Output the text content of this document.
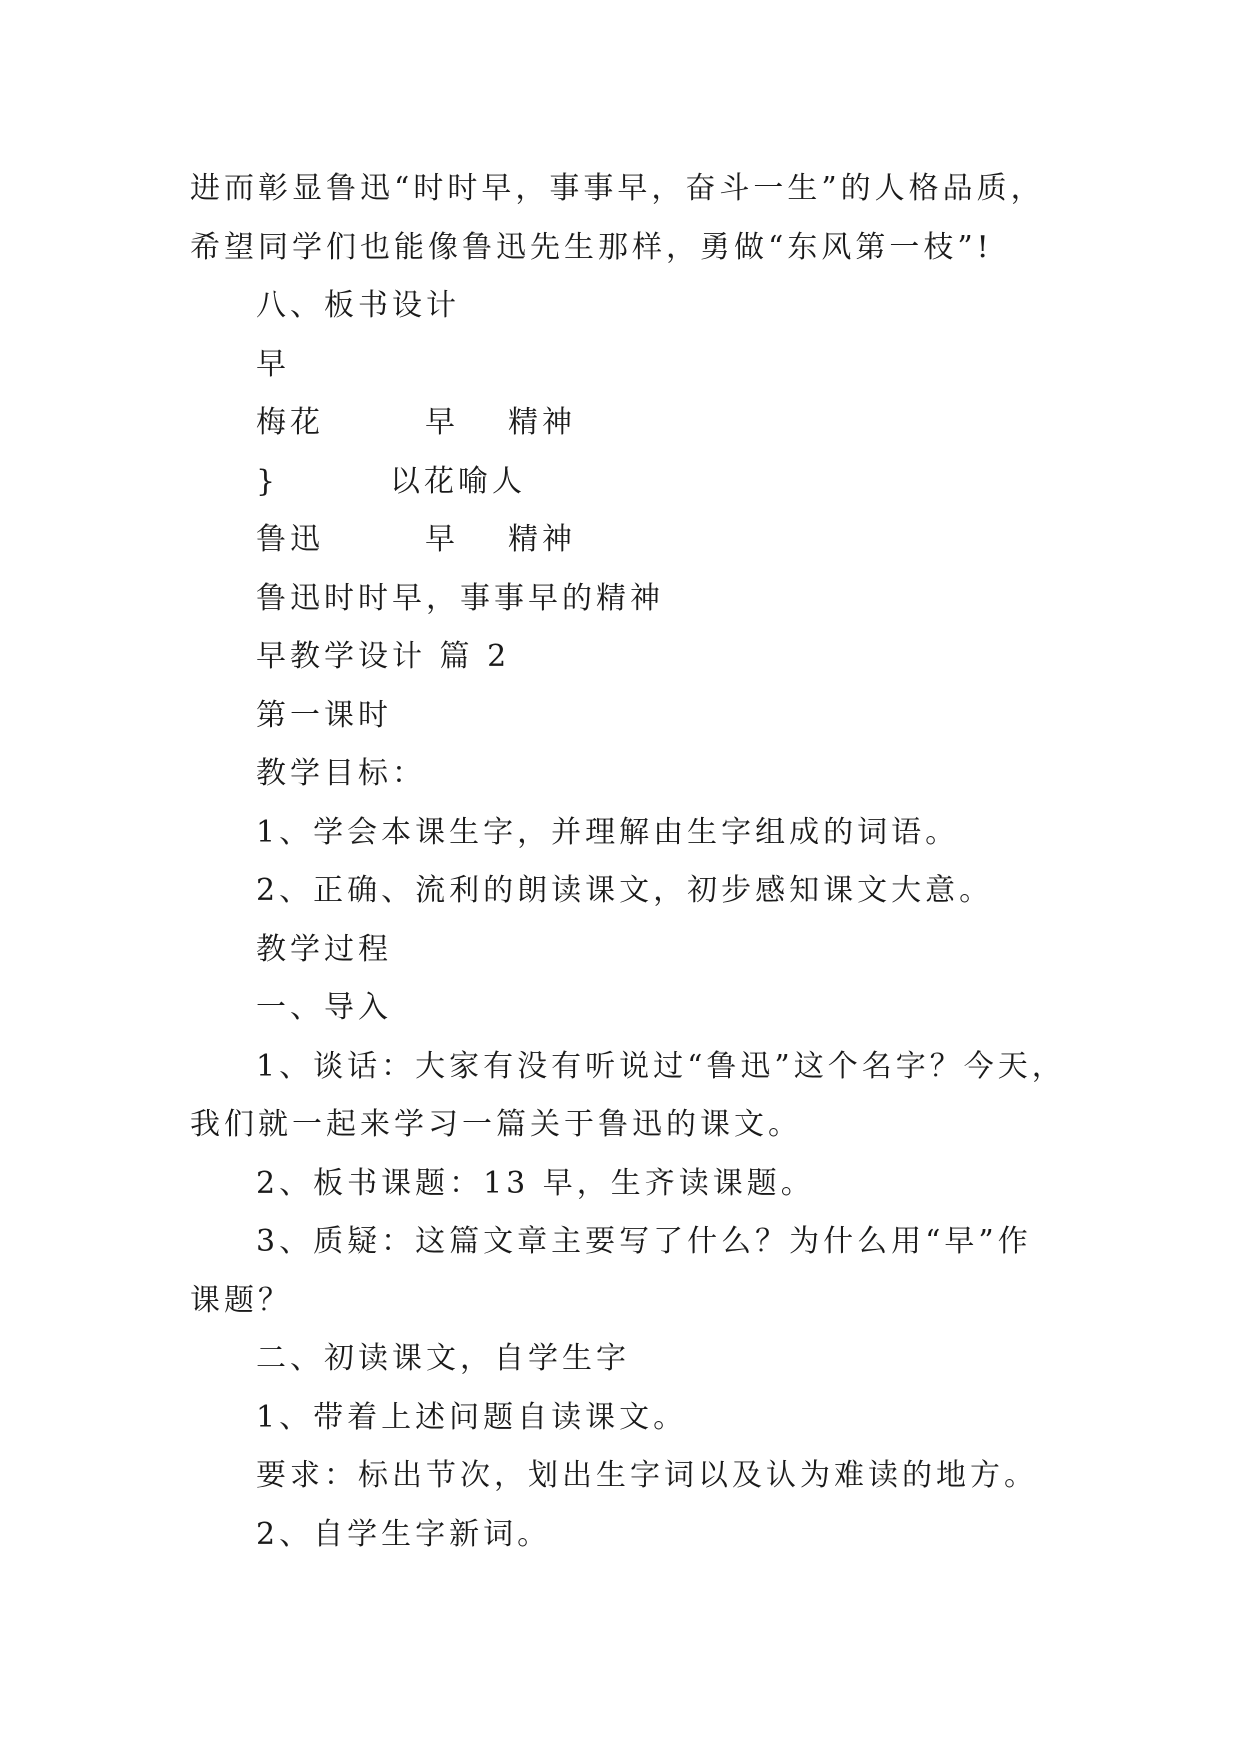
进而彰显鲁迅“时时早，事事早，奋斗一生”的人格品质，
希望同学们也能像鲁迅先生那样，勇做“东风第一枝”!
八、板书设计
早
梅花	早 精神
}	以花喻人
鲁迅	早 精神
鲁迅时时早，事事早的精神
早教学设计 篇 2
第一课时
教学目标：
1、学会本课生字，并理解由生字组成的词语。
2、正确、流利的朗读课文，初步感知课文大意。
教学过程
一、导入
1、谈话：大家有没有听说过“鲁迅”这个名字？今天，
我们就一起来学习一篇关于鲁迅的课文。
2、板书课题：13 早，生齐读课题。
3、质疑：这篇文章主要写了什么？为什么用“早”作
课题？
二、初读课文，自学生字
1、带着上述问题自读课文。
要求：标出节次，划出生字词以及认为难读的地方。
2、自学生字新词。
